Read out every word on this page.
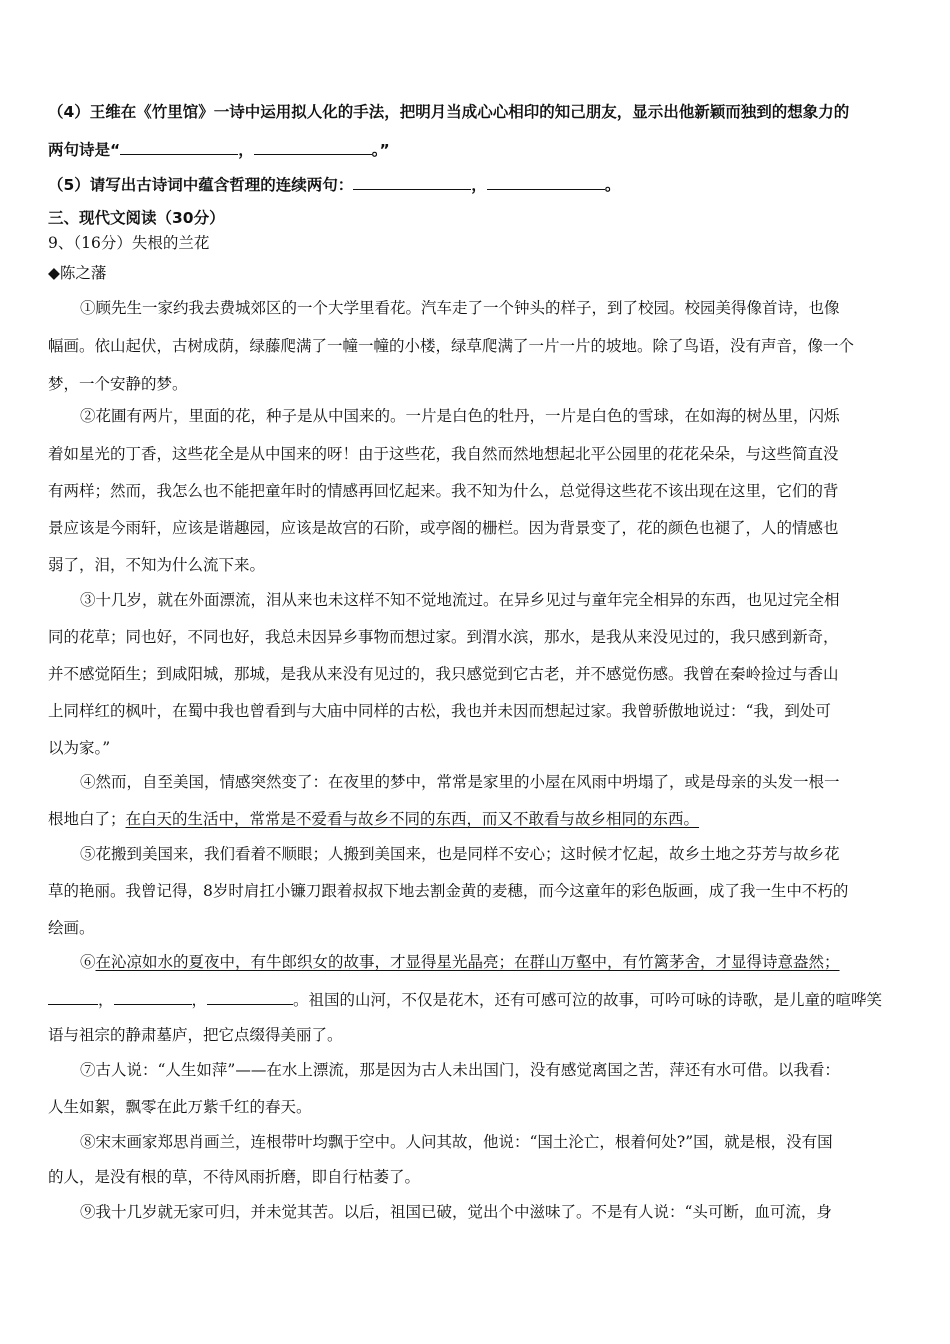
（4）王维在《竹里馆》一诗中运用拟人化的手法，把明月当成心心相印的知己朋友，显示出他新颖而独到的想象力的
两句诗是“	，	。”
（5）请写出古诗词中蕴含哲理的连续两句：	，	。
三、现代文阅读（30分）
9、（16分）失根的兰花
◆陈之藩
①顾先生一家约我去费城郊区的一个大学里看花。汽车走了一个钟头的样子，到了校园。校园美得像首诗，也像
幅画。依山起伏，古树成荫，绿藤爬满了一幢一幢的小楼，绿草爬满了一片一片的坡地。除了鸟语，没有声音，像一个
梦，一个安静的梦。
②花圃有两片，里面的花，种子是从中国来的。一片是白色的牡丹，一片是白色的雪球，在如海的树丛里，闪烁
着如星光的丁香，这些花全是从中国来的呀！由于这些花，我自然而然地想起北平公园里的花花朵朵，与这些简直没
有两样；然而，我怎么也不能把童年时的情感再回忆起来。我不知为什么，总觉得这些花不该出现在这里，它们的背
景应该是今雨轩，应该是谐趣园，应该是故宫的石阶，或亭阁的栅栏。因为背景变了，花的颜色也褪了，人的情感也
弱了，泪，不知为什么流下来。
③十几岁，就在外面漂流，泪从来也未这样不知不觉地流过。在异乡见过与童年完全相异的东西，也见过完全相
同的花草；同也好，不同也好，我总未因异乡事物而想过家。到渭水滨，那水，是我从来没见过的，我只感到新奇，
并不感觉陌生；到咸阳城，那城，是我从来没有见过的，我只感觉到它古老，并不感觉伤感。我曾在秦岭捡过与香山
上同样红的枫叶，在蜀中我也曾看到与大庙中同样的古松，我也并未因而想起过家。我曾骄傲地说过：“我，到处可
以为家。”
④然而，自至美国，情感突然变了：在夜里的梦中，常常是家里的小屋在风雨中坍塌了，或是母亲的头发一根一
根地白了；在白天的生活中，常常是不爱看与故乡不同的东西，而又不敢看与故乡相同的东西。
⑤花搬到美国来，我们看着不顺眼；人搬到美国来，也是同样不安心；这时候才忆起，故乡土地之芬芳与故乡花
草的艳丽。我曾记得，8岁时肩扛小镰刀跟着叔叔下地去割金黄的麦穗，而今这童年的彩色版画，成了我一生中不朽的
绘画。
⑥在沁凉如水的夏夜中，有牛郎织女的故事，才显得星光晶亮；在群山万壑中，有竹篱茅舍，才显得诗意盎然；
，	，	。祖国的山河，不仅是花木，还有可感可泣的故事，可吟可咏的诗歌，是儿童的喧哗笑
语与祖宗的静肃墓庐，把它点缀得美丽了。
⑦古人说：“人生如萍”——在水上漂流，那是因为古人未出国门，没有感觉离国之苦，萍还有水可借。以我看：
人生如絮，飘零在此万紫千红的春天。
⑧宋末画家郑思肖画兰，连根带叶均飘于空中。人问其故，他说：“国土沦亡，根着何处?”国，就是根，没有国
的人，是没有根的草，不待风雨折磨，即自行枯萎了。
⑨我十几岁就无家可归，并未觉其苦。以后，祖国已破，觉出个中滋味了。不是有人说：“头可断，血可流，身
